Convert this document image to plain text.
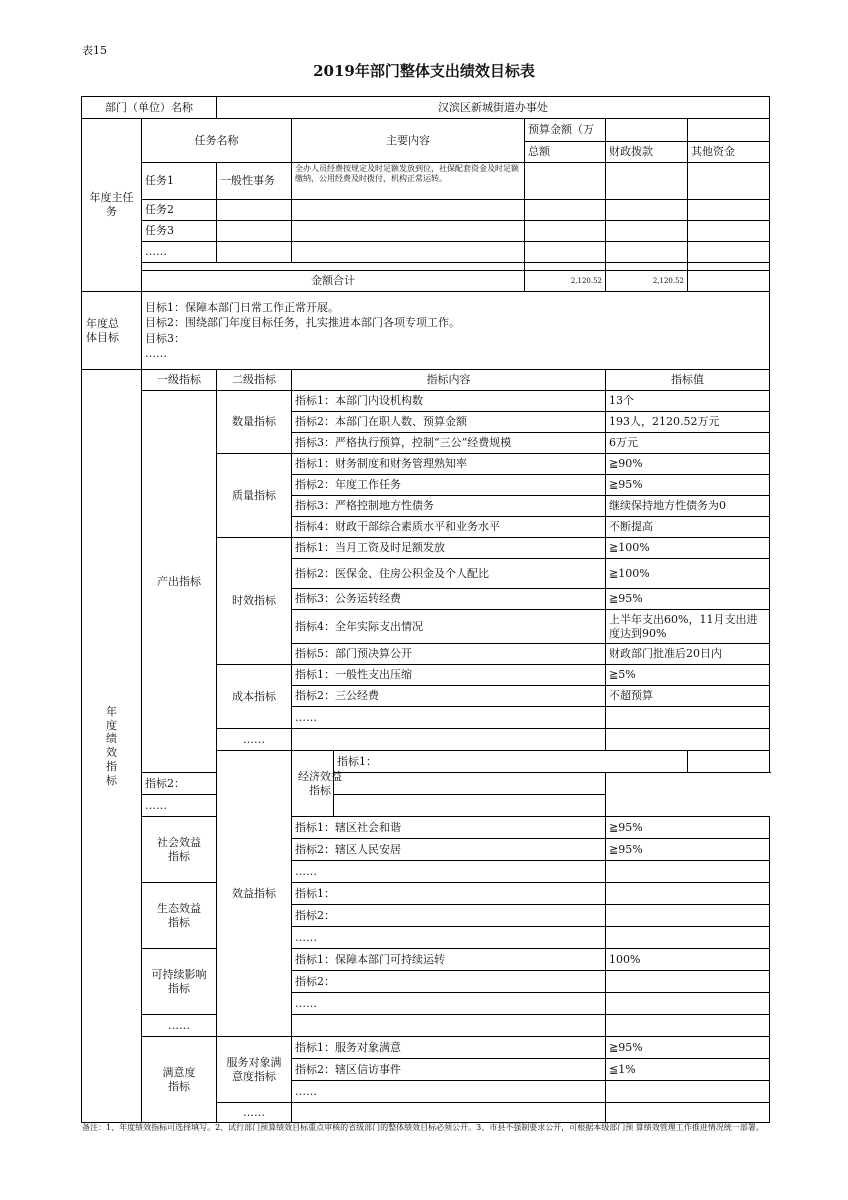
表15
2019年部门整体支出绩效目标表
部门（单位）名称		汉滨区新城街道办事处					
年度主任务	任务名称		主要内容		预算金额（万		
					总额	财政拨款	其他资金
	任务1	一般性事务	全办人员经费按规定及时足额发放到位，社保配套资金及时足额缴纳，公用经费及时拨付，机构正常运转。				
	任务2						
	任务3						
	……						

	金额合计				2,120.52	2,120.52	

年度总体目标	目标1：保障本部门日常工作正常开展。
目标2：围绕部门年度目标任务，扎实推进本部门各项专项工作。
目标3：
……						

年度绩效指标	一级指标	二级指标	指标内容			指标值	
	产出指标	数量指标	指标1：本部门内设机构数			13个	
			指标2：本部门在职人数、预算金额			193人，2120.52万元	
			指标3：严格执行预算，控制“三公”经费规模			6万元	
		质量指标	指标1：财务制度和财务管理熟知率			≧90%	
			指标2：年度工作任务			≧95%	
			指标3：严格控制地方性债务			继续保持地方性债务为0	
			指标4：财政干部综合素质水平和业务水平			不断提高	
		时效指标	指标1：当月工资及时足额发放			≧100%	
			指标2：医保金、住房公积金及个人配比			≧100%	
			指标3：公务运转经费			≧95%	
			指标4：全年实际支出情况			上半年支出60%，11月支出进度达到90%	
			指标5：部门预决算公开			财政部门批准后20日内	
		成本指标	指标1：一般性支出压缩			≧5%	
			指标2：三公经费			不超预算	
			……				
		……					
		效益指标	经济效益指标	指标1：			
	指标2：						
	……						

	社会效益指标		指标1：辖区社会和谐			≧95%	
			指标2：辖区人民安居			≧95%	
			……				

	生态效益指标		指标1：				
			指标2：				
			……				

	可持续影响指标		指标1：保障本部门可持续运转			100%	
			指标2：				
			……				
	……						

	满意度指标	服务对象满意度指标	指标1：服务对象满意			≧95%	
			指标2：辖区信访事件			≦1%	
			……				
		……					
备注：1、年度绩效指标可选择填写。2、试行部门预算绩效目标重点审核的省级部门的整体绩效目标必须公开。3、市县不强制要求公开，可根据本级部门预 算绩效管理工作推进情况统一部署。
